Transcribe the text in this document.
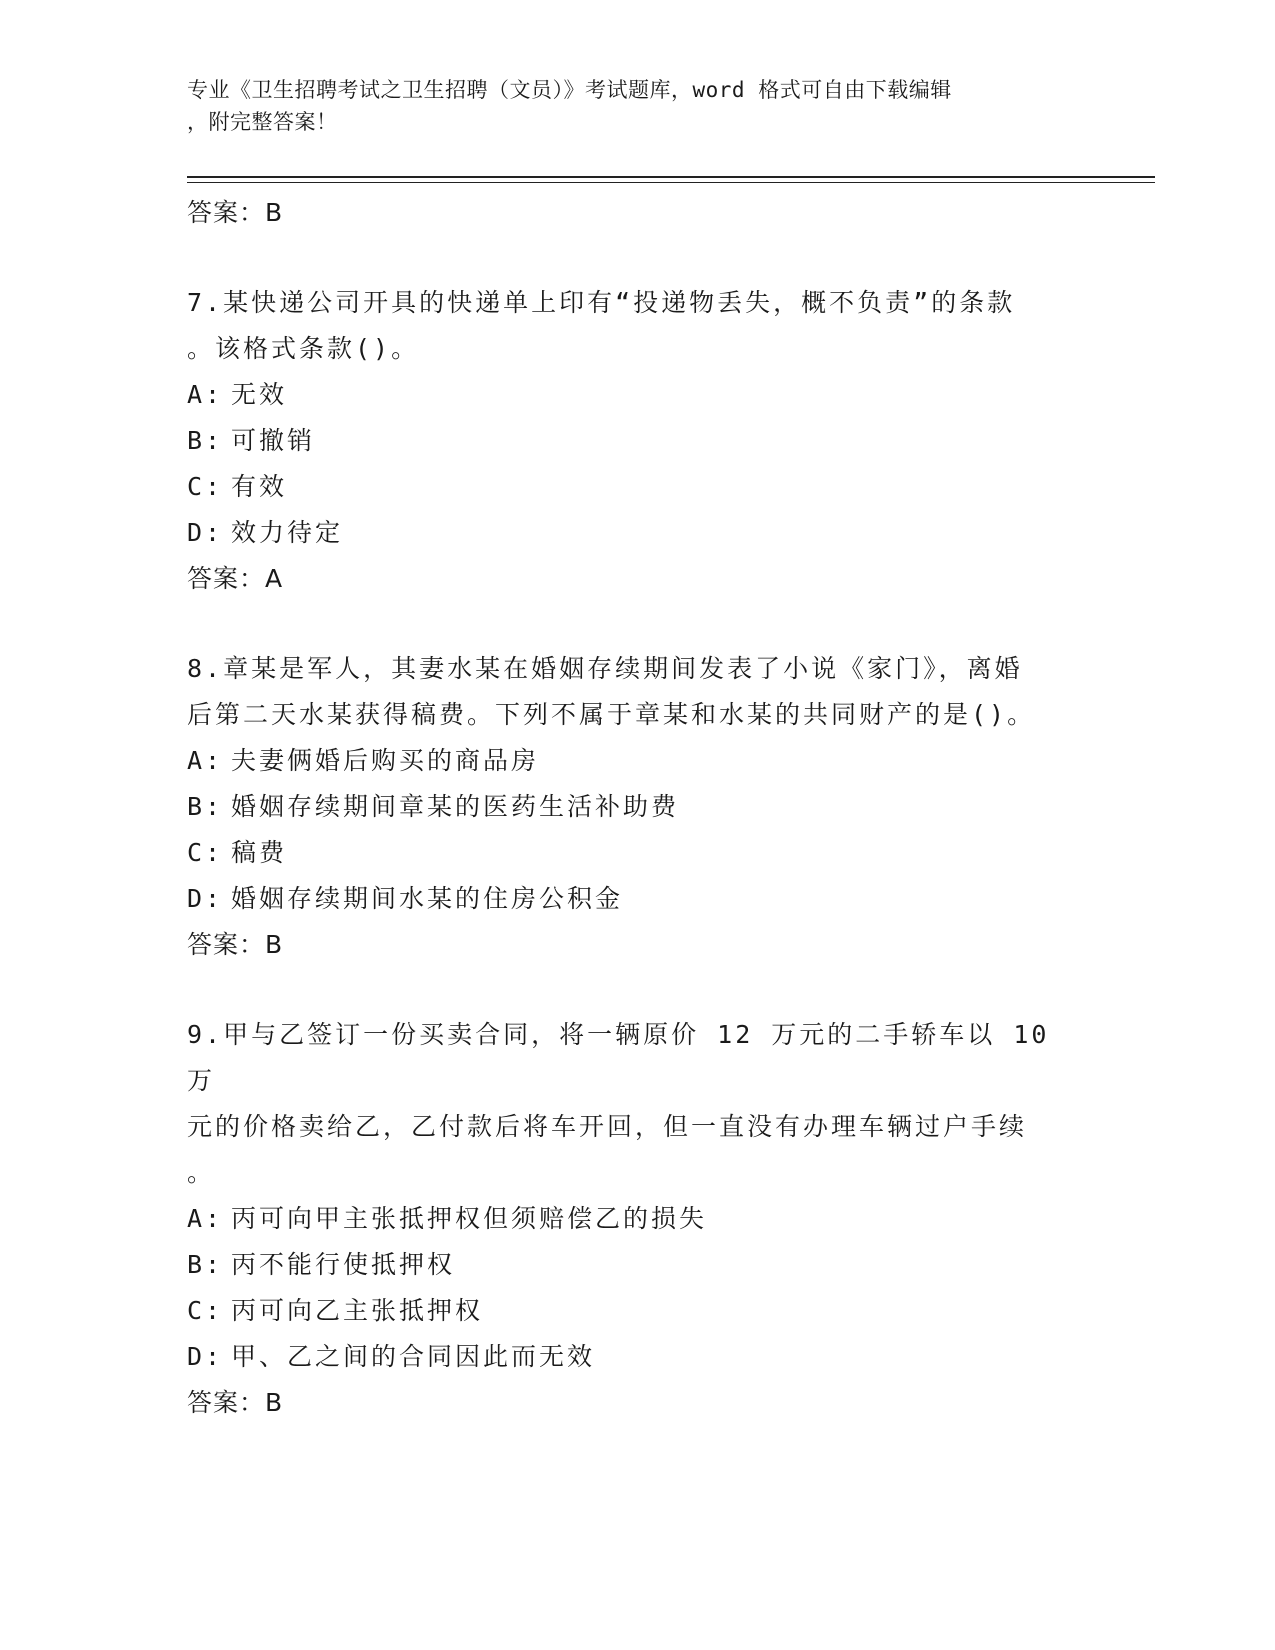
专业《卫生招聘考试之卫生招聘（文员）》考试题库，word 格式可自由下载编辑
，附完整答案！
答案：B
7.某快递公司开具的快递单上印有“投递物丢失，概不负责”的条款
。该格式条款()。
A: 无效
B: 可撤销
C: 有效
D: 效力待定
答案：A
8.章某是军人，其妻水某在婚姻存续期间发表了小说《家门》，离婚
后第二天水某获得稿费。下列不属于章某和水某的共同财产的是()。
A: 夫妻俩婚后购买的商品房
B: 婚姻存续期间章某的医药生活补助费
C: 稿费
D: 婚姻存续期间水某的住房公积金
答案：B
9.甲与乙签订一份买卖合同，将一辆原价 12 万元的二手轿车以 10 万
元的价格卖给乙，乙付款后将车开回，但一直没有办理车辆过户手续
。
A: 丙可向甲主张抵押权但须赔偿乙的损失
B: 丙不能行使抵押权
C: 丙可向乙主张抵押权
D: 甲、乙之间的合同因此而无效
答案：B
